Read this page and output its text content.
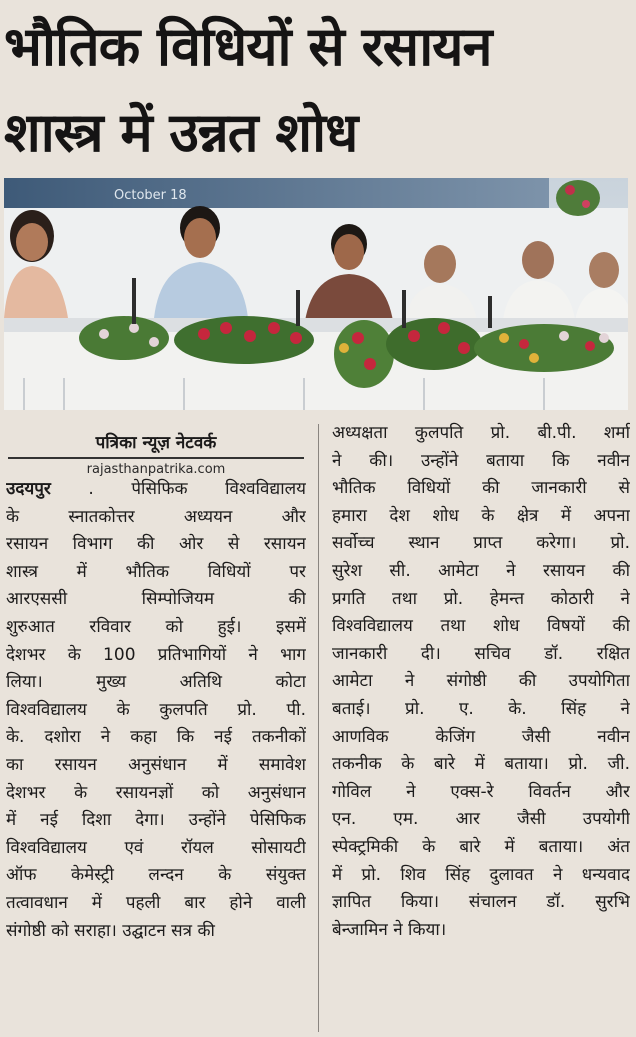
भौतिक विधियों से रसायन
शास्त्र में उन्नत शोध
October 18
पत्रिका न्यूज़ नेटवर्क
rajasthanpatrika.com
उदयपुर . पेसिफिक विश्वविद्यालय
के स्नातकोत्तर अध्ययन और
रसायन विभाग की ओर से रसायन
शास्त्र में भौतिक विधियों पर
आरएससी सिम्पोजियम की
शुरुआत रविवार को हुई। इसमें
देशभर के 100 प्रतिभागियों ने भाग
लिया। मुख्य अतिथि कोटा
विश्वविद्यालय के कुलपति प्रो. पी.
के. दशोरा ने कहा कि नई तकनीकों
का रसायन अनुसंधान में समावेश
देशभर के रसायनज्ञों को अनुसंधान
में नई दिशा देगा। उन्होंने पेसिफिक
विश्वविद्यालय एवं रॉयल सोसायटी
ऑफ केमेस्ट्री लन्दन के संयुक्त
तत्वावधान में पहली बार होने वाली
संगोष्ठी को सराहा। उद्घाटन सत्र की
अध्यक्षता कुलपति प्रो. बी.पी. शर्मा
ने की। उन्होंने बताया कि नवीन
भौतिक विधियों की जानकारी से
हमारा देश शोध के क्षेत्र में अपना
सर्वोच्च स्थान प्राप्त करेगा। प्रो.
सुरेश सी. आमेटा ने रसायन की
प्रगति तथा प्रो. हेमन्त कोठारी ने
विश्वविद्यालय तथा शोध विषयों की
जानकारी दी। सचिव डॉ. रक्षित
आमेटा ने संगोष्ठी की उपयोगिता
बताई। प्रो. ए. के. सिंह ने
आणविक केजिंग जैसी नवीन
तकनीक के बारे में बताया। प्रो. जी.
गोविल ने एक्स-रे विवर्तन और
एन. एम. आर जैसी उपयोगी
स्पेक्ट्रमिकी के बारे में बताया। अंत
में प्रो. शिव सिंह दुलावत ने धन्यवाद
ज्ञापित किया। संचालन डॉ. सुरभि
बेन्जामिन ने किया।
